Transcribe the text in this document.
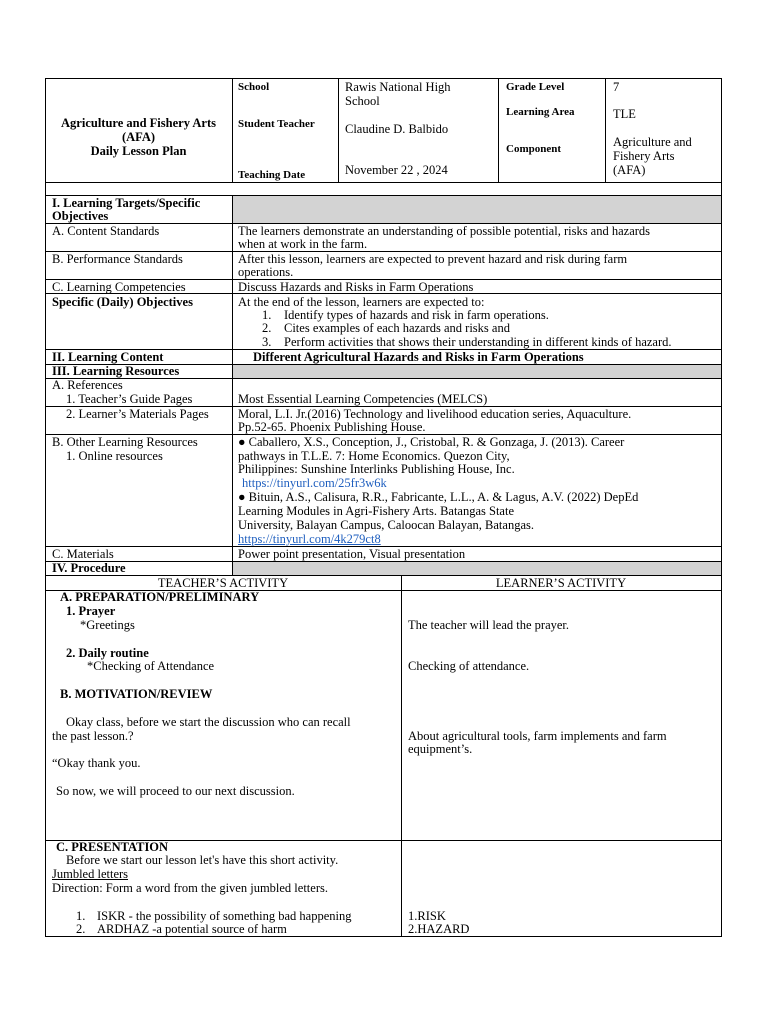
Agriculture and Fishery Arts
(AFA)
Daily Lesson Plan
School	Rawis National High
School
Student Teacher Claudine D. Balbido
Teaching Date	November 22 , 2024
Grade Level	7
Learning Area	TLE
Component	Agriculture and
Fishery Arts
(AFA)
I. Learning Targets/Specific
Objectives
A. Content Standards	The learners demonstrate an understanding of possible potential, risks and hazards
when at work in the farm.
B. Performance Standards	After this lesson, learners are expected to prevent hazard and risk during farm
operations.
C. Learning Competencies	Discuss Hazards and Risks in Farm Operations
Specific (Daily) Objectives	At the end of the lesson, learners are expected to:
1. Identify types of hazards and risk in farm operations.
2. Cites examples of each hazards and risks and
3. Perform activities that shows their understanding in different kinds of hazard.
II. Learning Content	Different Agricultural Hazards and Risks in Farm Operations
III. Learning Resources
A. References
1. Teacher’s Guide Pages	Most Essential Learning Competencies (MELCS)
2. Learner’s Materials Pages Moral, L.I. Jr.(2016) Technology and livelihood education series, Aquaculture.
Pp.52-65. Phoenix Publishing House.
B. Other Learning Resources
1. Online resources
● Caballero, X.S., Conception, J., Cristobal, R. & Gonzaga, J. (2013). Career
pathways in T.L.E. 7: Home Economics. Quezon City,
Philippines: Sunshine Interlinks Publishing House, Inc.
https://tinyurl.com/25fr3w6k
● Bituin, A.S., Calisura, R.R., Fabricante, L.L., A. & Lagus, A.V. (2022) DepEd
Learning Modules in Agri-Fishery Arts. Batangas State
University, Balayan Campus, Caloocan Balayan, Batangas.
https://tinyurl.com/4k279ct8
C. Materials	Power point presentation, Visual presentation
IV. Procedure
TEACHER’S ACTIVITY	LEARNER’S ACTIVITY
A. PREPARATION/PRELIMINARY
1. Prayer
*Greetings	The teacher will lead the prayer.
2. Daily routine
*Checking of Attendance	Checking of attendance.
B. MOTIVATION/REVIEW
Okay class, before we start the discussion who can recall
the past lesson.?	About agricultural tools, farm implements and farm
equipment’s.
“Okay thank you.
So now, we will proceed to our next discussion.
C. PRESENTATION
Before we start our lesson let's have this short activity.
Jumbled letters
Direction: Form a word from the given jumbled letters.
1. ISKR - the possibility of something bad happening	1.RISK
2. ARDHAZ -a potential source of harm	2.HAZARD
